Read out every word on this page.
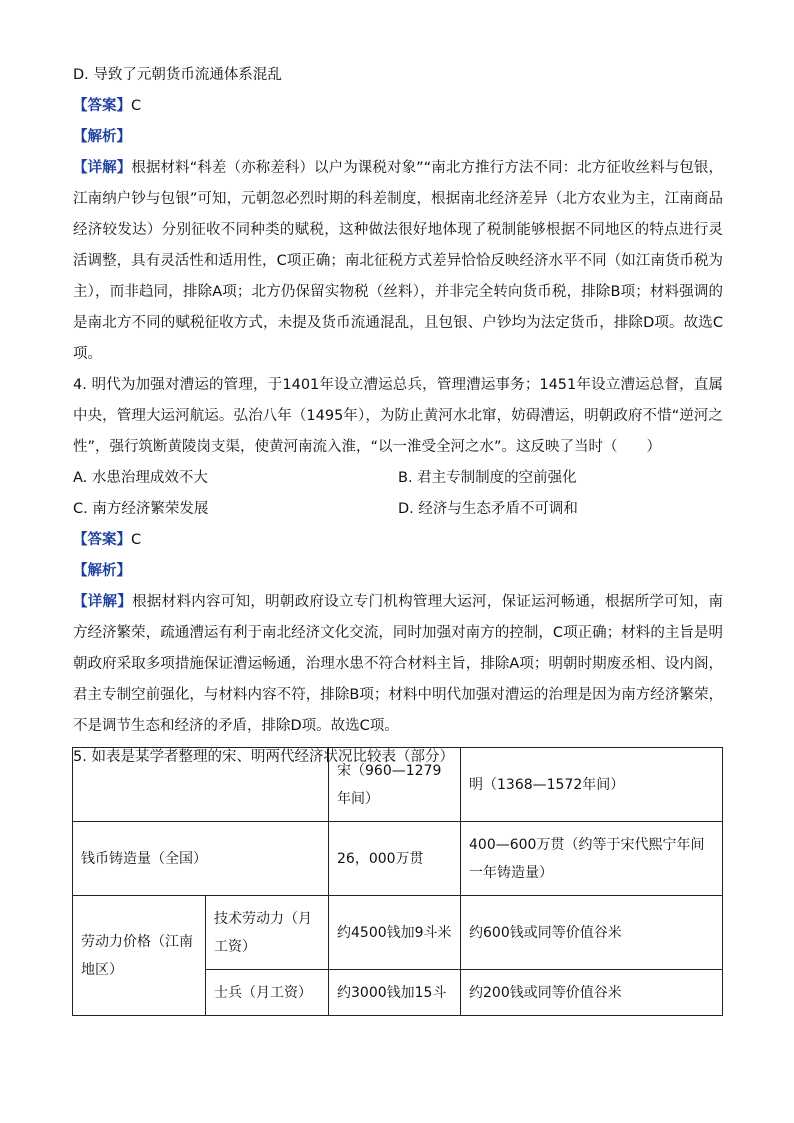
D. 导致了元朝货币流通体系混乱

【答案】C

【解析】

【详解】根据材料“科差（亦称差科）以户为课税对象”“南北方推行方法不同：北方征收丝料与包银，江南纳户钞与包银”可知，元朝忽必烈时期的科差制度，根据南北经济差异（北方农业为主，江南商品经济较发达）分别征收不同种类的赋税，这种做法很好地体现了税制能够根据不同地区的特点进行灵活调整，具有灵活性和适用性，C项正确；南北征税方式差异恰恰反映经济水平不同（如江南货币税为主），而非趋同，排除A项；北方仍保留实物税（丝料），并非完全转向货币税，排除B项；材料强调的是南北方不同的赋税征收方式，未提及货币流通混乱，且包银、户钞均为法定货币，排除D项。故选C项。

4. 明代为加强对漕运的管理，于1401年设立漕运总兵，管理漕运事务；1451年设立漕运总督，直属中央，管理大运河航运。弘治八年（1495年），为防止黄河水北窜，妨碍漕运，明朝政府不惜“逆河之性”，强行筑断黄陵岗支渠，使黄河南流入淮，“以一淮受全河之水”。这反映了当时（　　）

A. 水患治理成效不大	B. 君主专制制度的空前强化
C. 南方经济繁荣发展	D. 经济与生态矛盾不可调和

【答案】C

【解析】

【详解】根据材料内容可知，明朝政府设立专门机构管理大运河，保证运河畅通，根据所学可知，南方经济繁荣，疏通漕运有利于南北经济文化交流，同时加强对南方的控制，C项正确；材料的主旨是明朝政府采取多项措施保证漕运畅通，治理水患不符合材料主旨，排除A项；明朝时期废丞相、设内阁，君主专制空前强化，与材料内容不符，排除B项；材料中明代加强对漕运的治理是因为南方经济繁荣，不是调节生态和经济的矛盾，排除D项。故选C项。

5. 如表是某学者整理的宋、明两代经济状况比较表（部分）

		宋（960—1279年间）	明（1368—1572年间）
钱币铸造量（全国）		26，000万贯	400—600万贯（约等于宋代熙宁年间一年铸造量）
劳动力价格（江南地区）	技术劳动力（月工资）	约4500钱加9斗米	约600钱或同等价值谷米
	士兵（月工资）	约3000钱加15斗	约200钱或同等价值谷米
